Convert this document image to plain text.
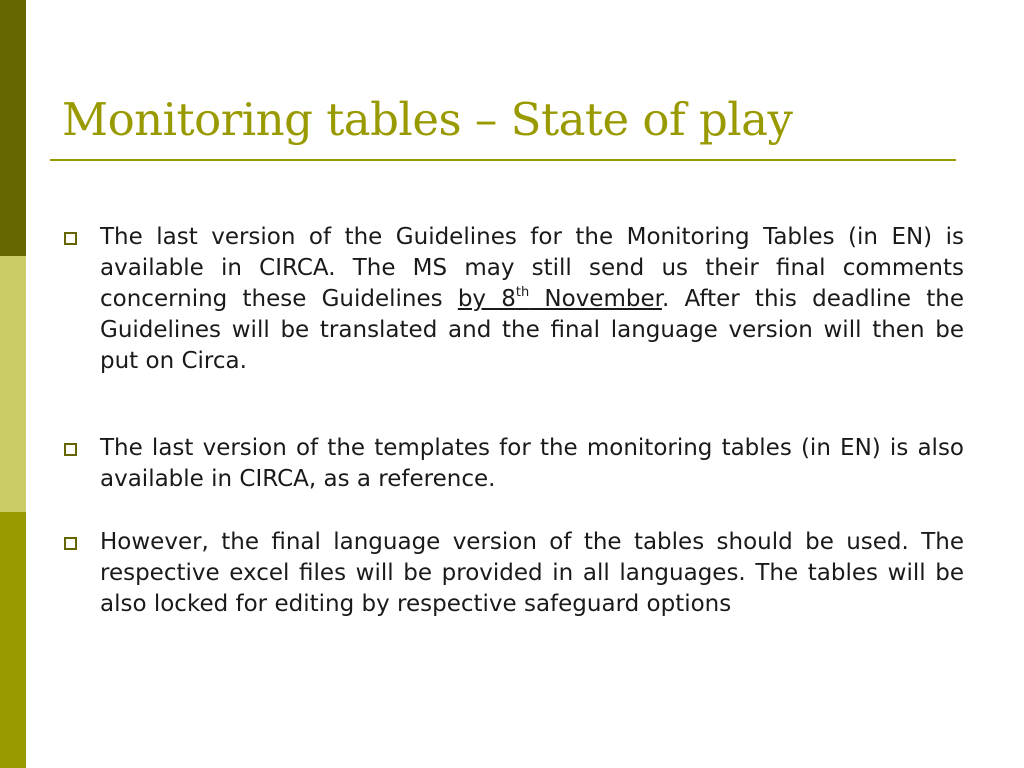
Monitoring tables – State of play
The last version of the Guidelines for the Monitoring Tables (in EN) is available in CIRCA. The MS may still send us their final comments concerning these Guidelines by 8th November. After this deadline the Guidelines will be translated and the final language version will then be put on Circa.
The last version of the templates for the monitoring tables (in EN) is also available in CIRCA, as a reference.
However, the final language version of the tables should be used. The respective excel files will be provided in all languages. The tables will be also locked for editing by respective safeguard options
